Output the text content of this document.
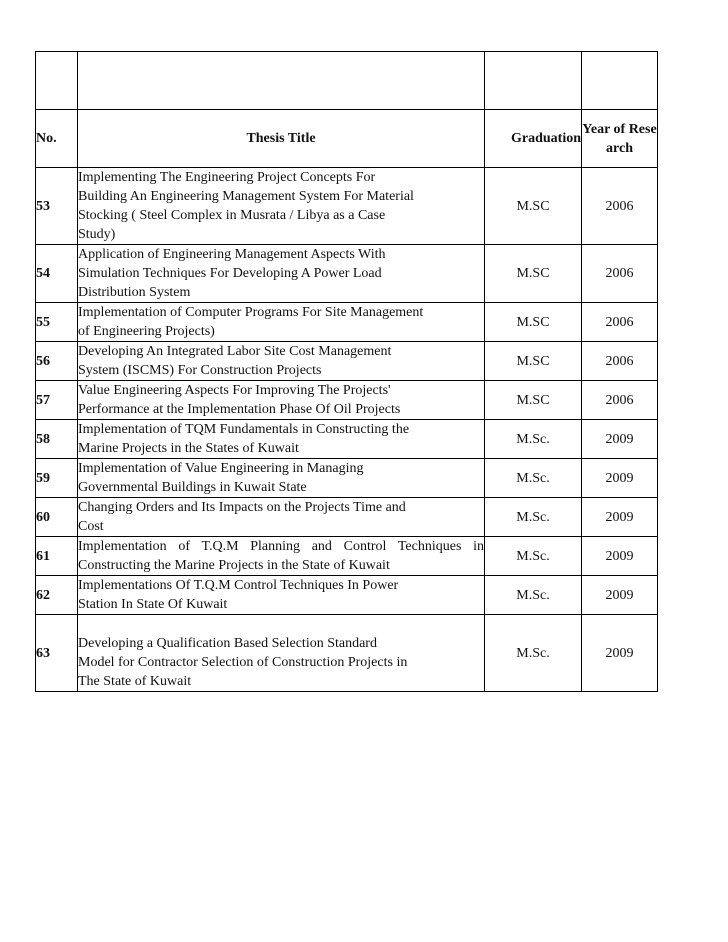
No.	Thesis Title	Graduation	Year of Research
53	Implementing The Engineering Project Concepts For
Building An Engineering Management System For Material
Stocking ( Steel Complex in Musrata / Libya as a Case
Study)	M.SC	2006
54	Application of Engineering Management Aspects With
Simulation Techniques For Developing A Power Load
Distribution System	M.SC	2006
55	Implementation of Computer Programs For Site Management
of Engineering Projects)	M.SC	2006
56	Developing An Integrated Labor Site Cost Management
System (ISCMS) For Construction Projects	M.SC	2006
57	Value Engineering Aspects For Improving The Projects'
Performance at the Implementation Phase Of Oil Projects	M.SC	2006
58	Implementation of TQM Fundamentals in Constructing the
Marine Projects in the States of Kuwait	M.Sc.	2009
59	Implementation of Value Engineering in Managing
Governmental Buildings in Kuwait State	M.Sc.	2009
60	Changing Orders and Its Impacts on the Projects Time and
Cost	M.Sc.	2009
61	Implementation of T.Q.M Planning and Control Techniques in Constructing the Marine Projects in the State of Kuwait	M.Sc.	2009
62	Implementations Of T.Q.M Control Techniques In Power
Station In State Of Kuwait	M.Sc.	2009
63	Developing a Qualification Based Selection Standard
Model for Contractor Selection of Construction Projects in
The State of Kuwait	M.Sc.	2009
